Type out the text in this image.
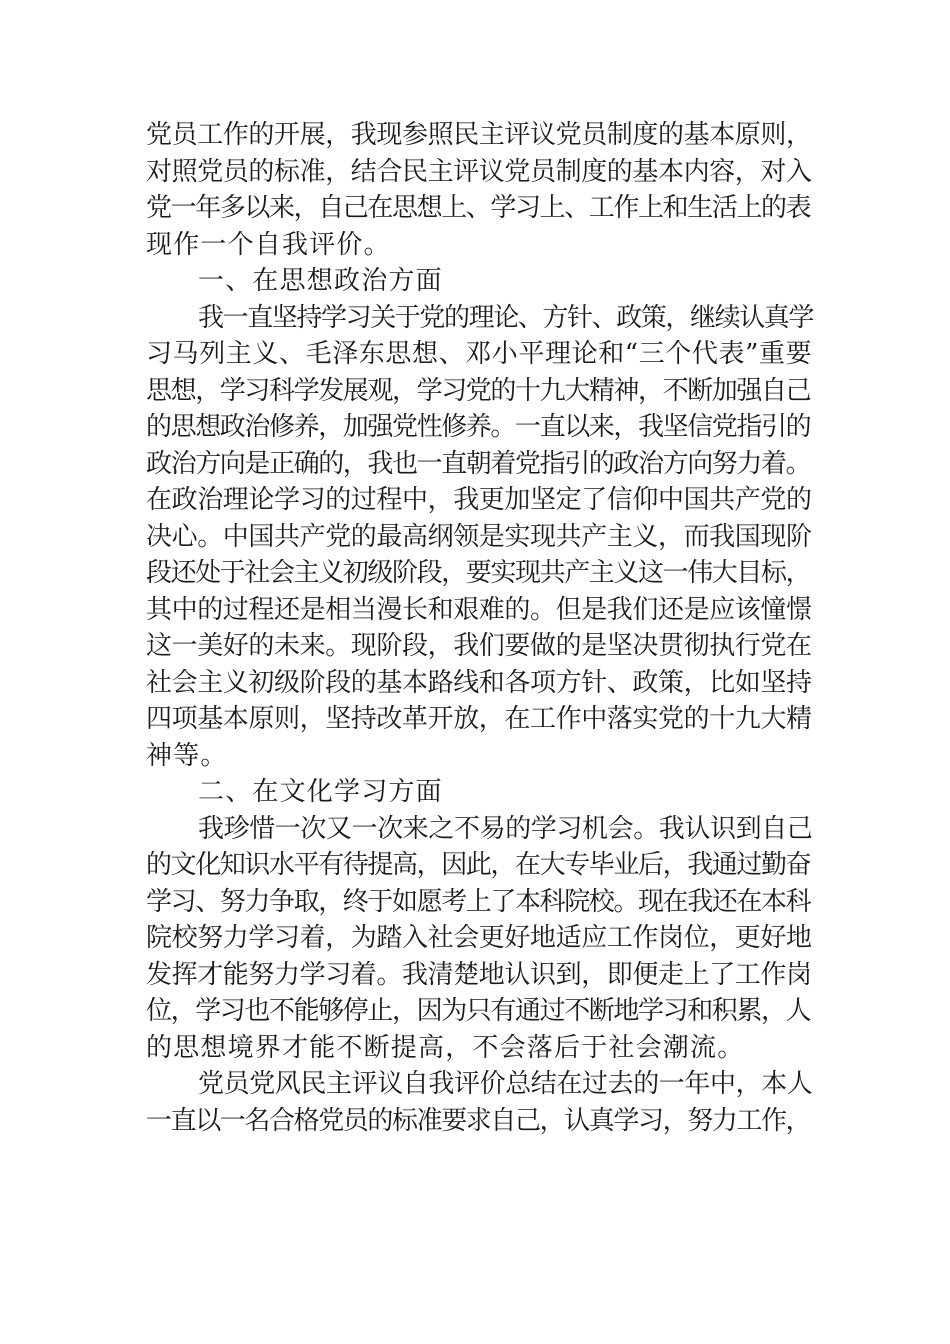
党员工作的开展，我现参照民主评议党员制度的基本原则，
对照党员的标准，结合民主评议党员制度的基本内容，对入
党一年多以来，自己在思想上、学习上、工作上和生活上的表
现作一个自我评价。
一、在思想政治方面
我一直坚持学习关于党的理论、方针、政策，继续认真学
习马列主义、毛泽东思想、邓小平理论和“三个代表”重要
思想，学习科学发展观，学习党的十九大精神，不断加强自己
的思想政治修养，加强党性修养。一直以来，我坚信党指引的
政治方向是正确的，我也一直朝着党指引的政治方向努力着。
在政治理论学习的过程中，我更加坚定了信仰中国共产党的
决心。中国共产党的最高纲领是实现共产主义，而我国现阶
段还处于社会主义初级阶段，要实现共产主义这一伟大目标，
其中的过程还是相当漫长和艰难的。但是我们还是应该憧憬
这一美好的未来。现阶段，我们要做的是坚决贯彻执行党在
社会主义初级阶段的基本路线和各项方针、政策，比如坚持
四项基本原则，坚持改革开放，在工作中落实党的十九大精
神等。
二、在文化学习方面
我珍惜一次又一次来之不易的学习机会。我认识到自己
的文化知识水平有待提高，因此，在大专毕业后，我通过勤奋
学习、努力争取，终于如愿考上了本科院校。现在我还在本科
院校努力学习着，为踏入社会更好地适应工作岗位，更好地
发挥才能努力学习着。我清楚地认识到，即便走上了工作岗
位，学习也不能够停止，因为只有通过不断地学习和积累，人
的思想境界才能不断提高，不会落后于社会潮流。
党员党风民主评议自我评价总结在过去的一年中，本人
一直以一名合格党员的标准要求自己，认真学习，努力工作，
